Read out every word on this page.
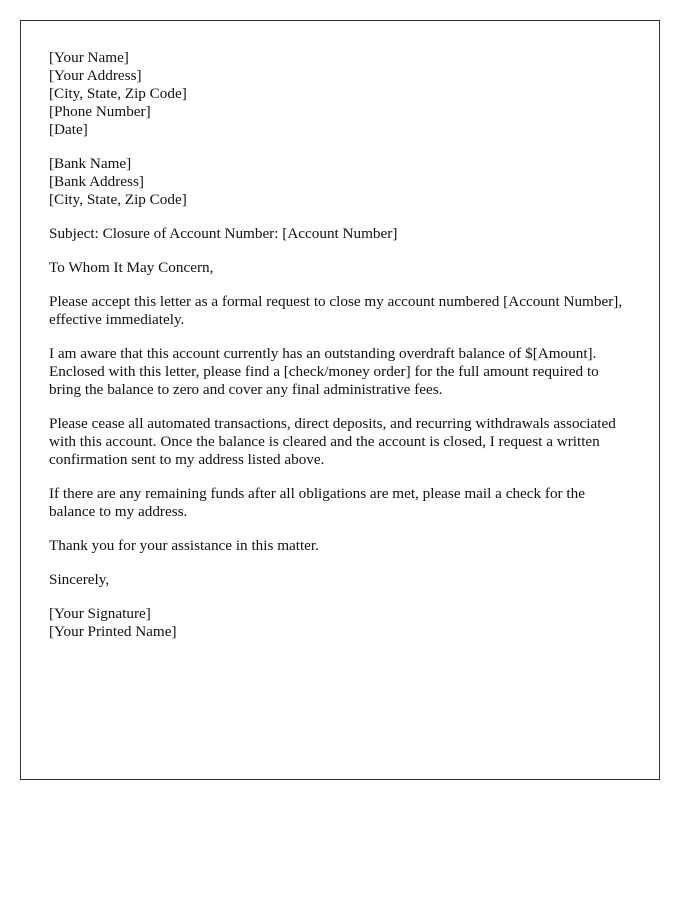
[Your Name]
[Your Address]
[City, State, Zip Code]
[Phone Number]
[Date]
[Bank Name]
[Bank Address]
[City, State, Zip Code]

Subject: Closure of Account Number: [Account Number]

To Whom It May Concern,

Please accept this letter as a formal request to close my account numbered [Account Number], effective immediately.

I am aware that this account currently has an outstanding overdraft balance of $[Amount]. Enclosed with this letter, please find a [check/money order] for the full amount required to bring the balance to zero and cover any final administrative fees.

Please cease all automated transactions, direct deposits, and recurring withdrawals associated with this account. Once the balance is cleared and the account is closed, I request a written confirmation sent to my address listed above.

If there are any remaining funds after all obligations are met, please mail a check for the balance to my address.

Thank you for your assistance in this matter.

Sincerely,

[Your Signature]
[Your Printed Name]
